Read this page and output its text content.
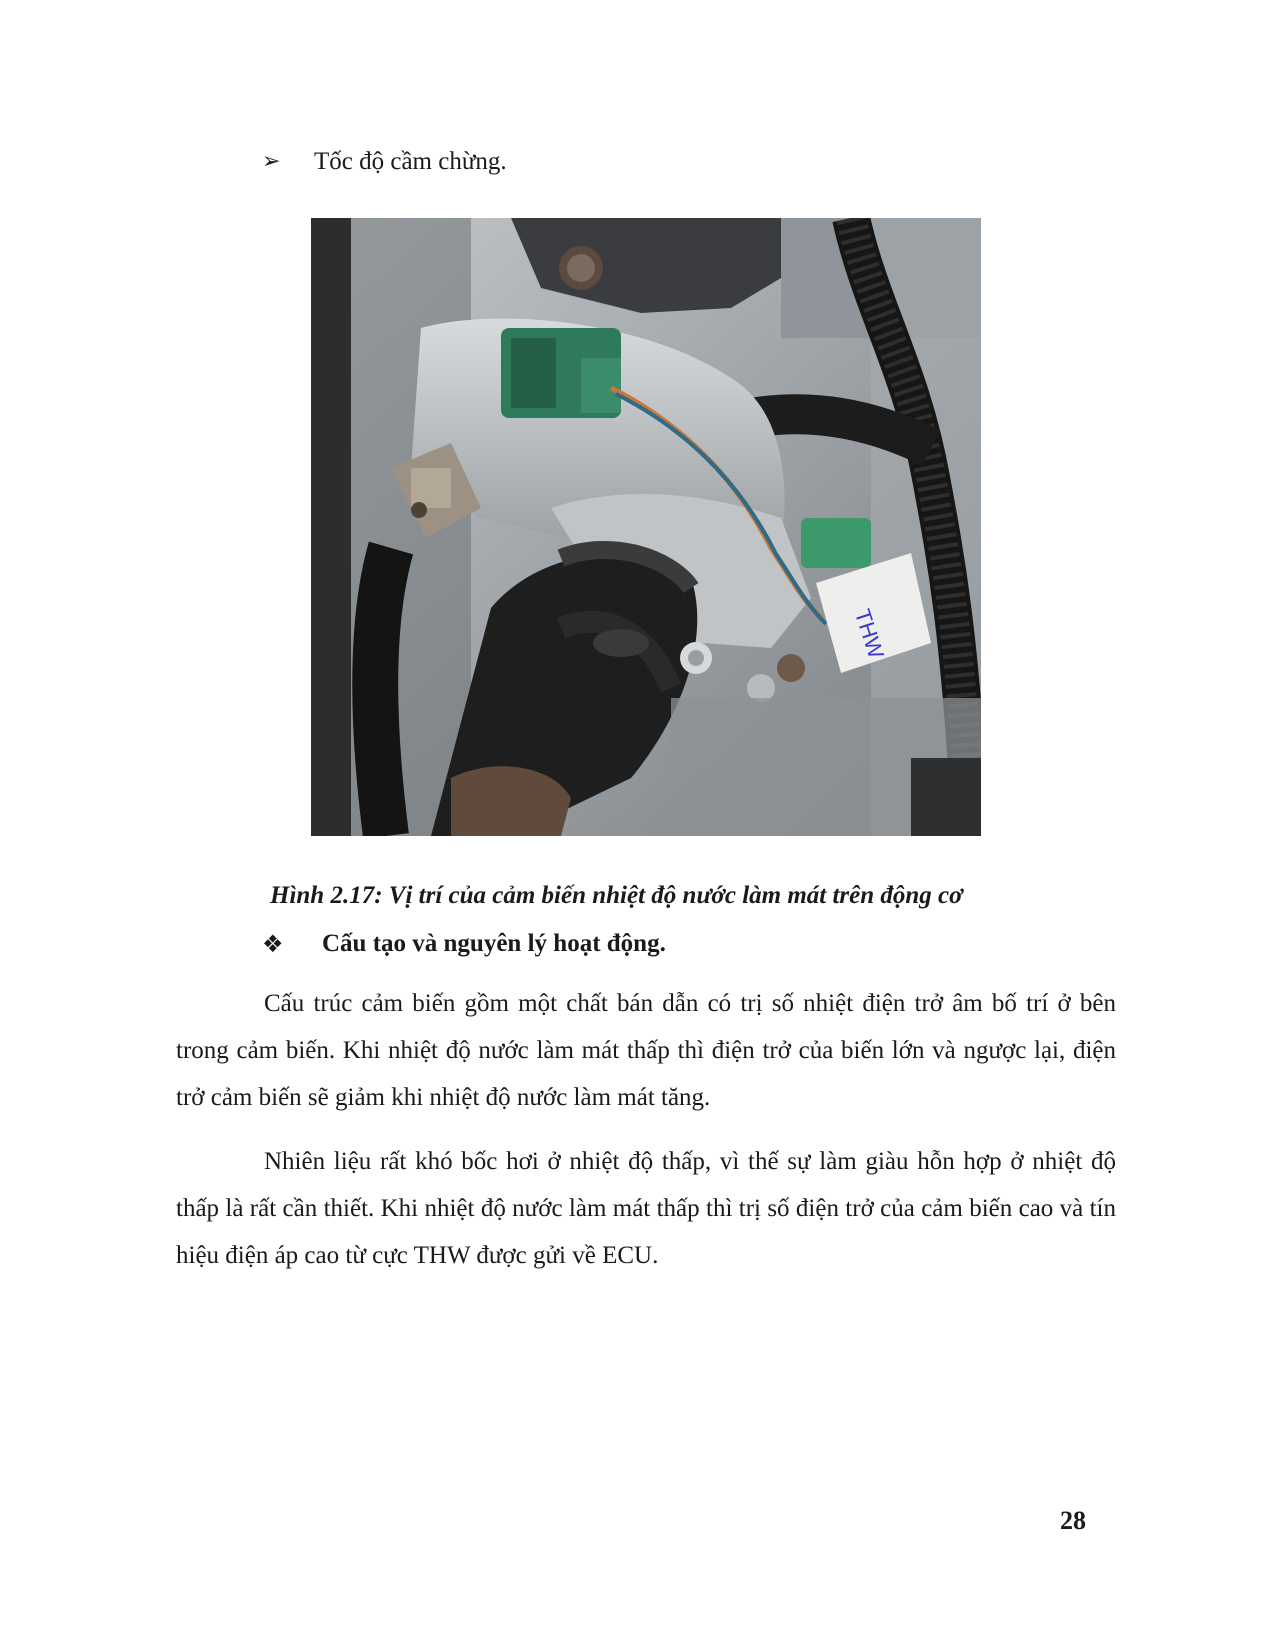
➢	Tốc độ cầm chừng.
THW
Hình 2.17: Vị trí của cảm biến nhiệt độ nước làm mát trên động cơ
❖	Cấu tạo và nguyên lý hoạt động.

Cấu trúc cảm biến gồm một chất bán dẫn có trị số nhiệt điện trở âm bố trí ở bên trong cảm biến. Khi nhiệt độ nước làm mát thấp thì điện trở của biến lớn và ngược lại, điện trở cảm biến sẽ giảm khi nhiệt độ nước làm mát tăng.

Nhiên liệu rất khó bốc hơi ở nhiệt độ thấp, vì thế sự làm giàu hỗn hợp ở nhiệt độ thấp là rất cần thiết. Khi nhiệt độ nước làm mát thấp thì trị số điện trở của cảm biến cao và tín hiệu điện áp cao từ cực THW được gửi về ECU.

28
